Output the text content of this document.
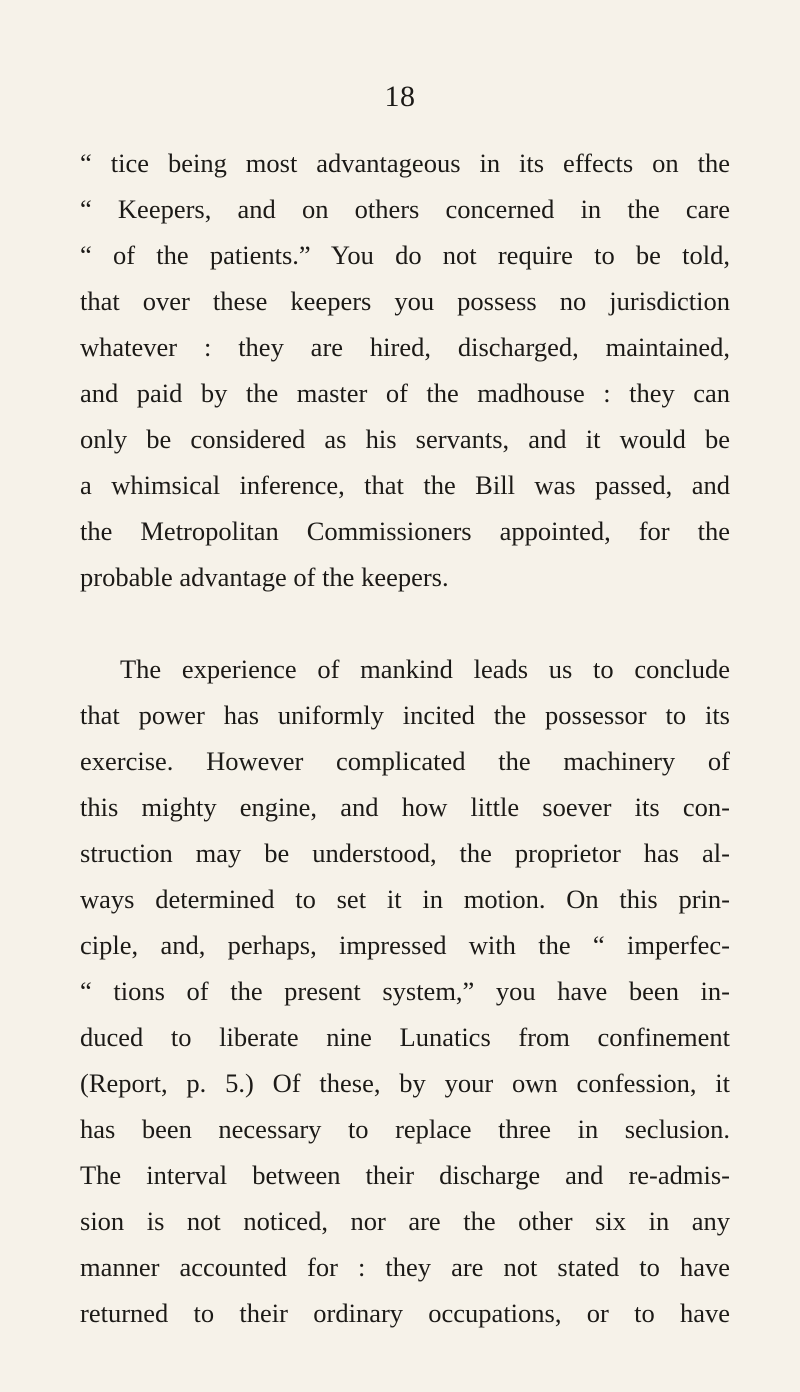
18
“ tice being most advantageous in its effects on the
“ Keepers, and on others concerned in the care
“ of the patients.” You do not require to be told,
that over these keepers you possess no jurisdiction
whatever : they are hired, discharged, maintained,
and paid by the master of the madhouse : they can
only be considered as his servants, and it would be
a whimsical inference, that the Bill was passed, and
the Metropolitan Commissioners appointed, for the
probable advantage of the keepers.
The experience of mankind leads us to conclude
that power has uniformly incited the possessor to its
exercise. However complicated the machinery of
this mighty engine, and how little soever its con-
struction may be understood, the proprietor has al-
ways determined to set it in motion. On this prin-
ciple, and, perhaps, impressed with the “ imperfec-
“ tions of the present system,” you have been in-
duced to liberate nine Lunatics from confinement
(Report, p. 5.) Of these, by your own confession, it
has been necessary to replace three in seclusion.
The interval between their discharge and re-admis-
sion is not noticed, nor are the other six in any
manner accounted for : they are not stated to have
returned to their ordinary occupations, or to have
